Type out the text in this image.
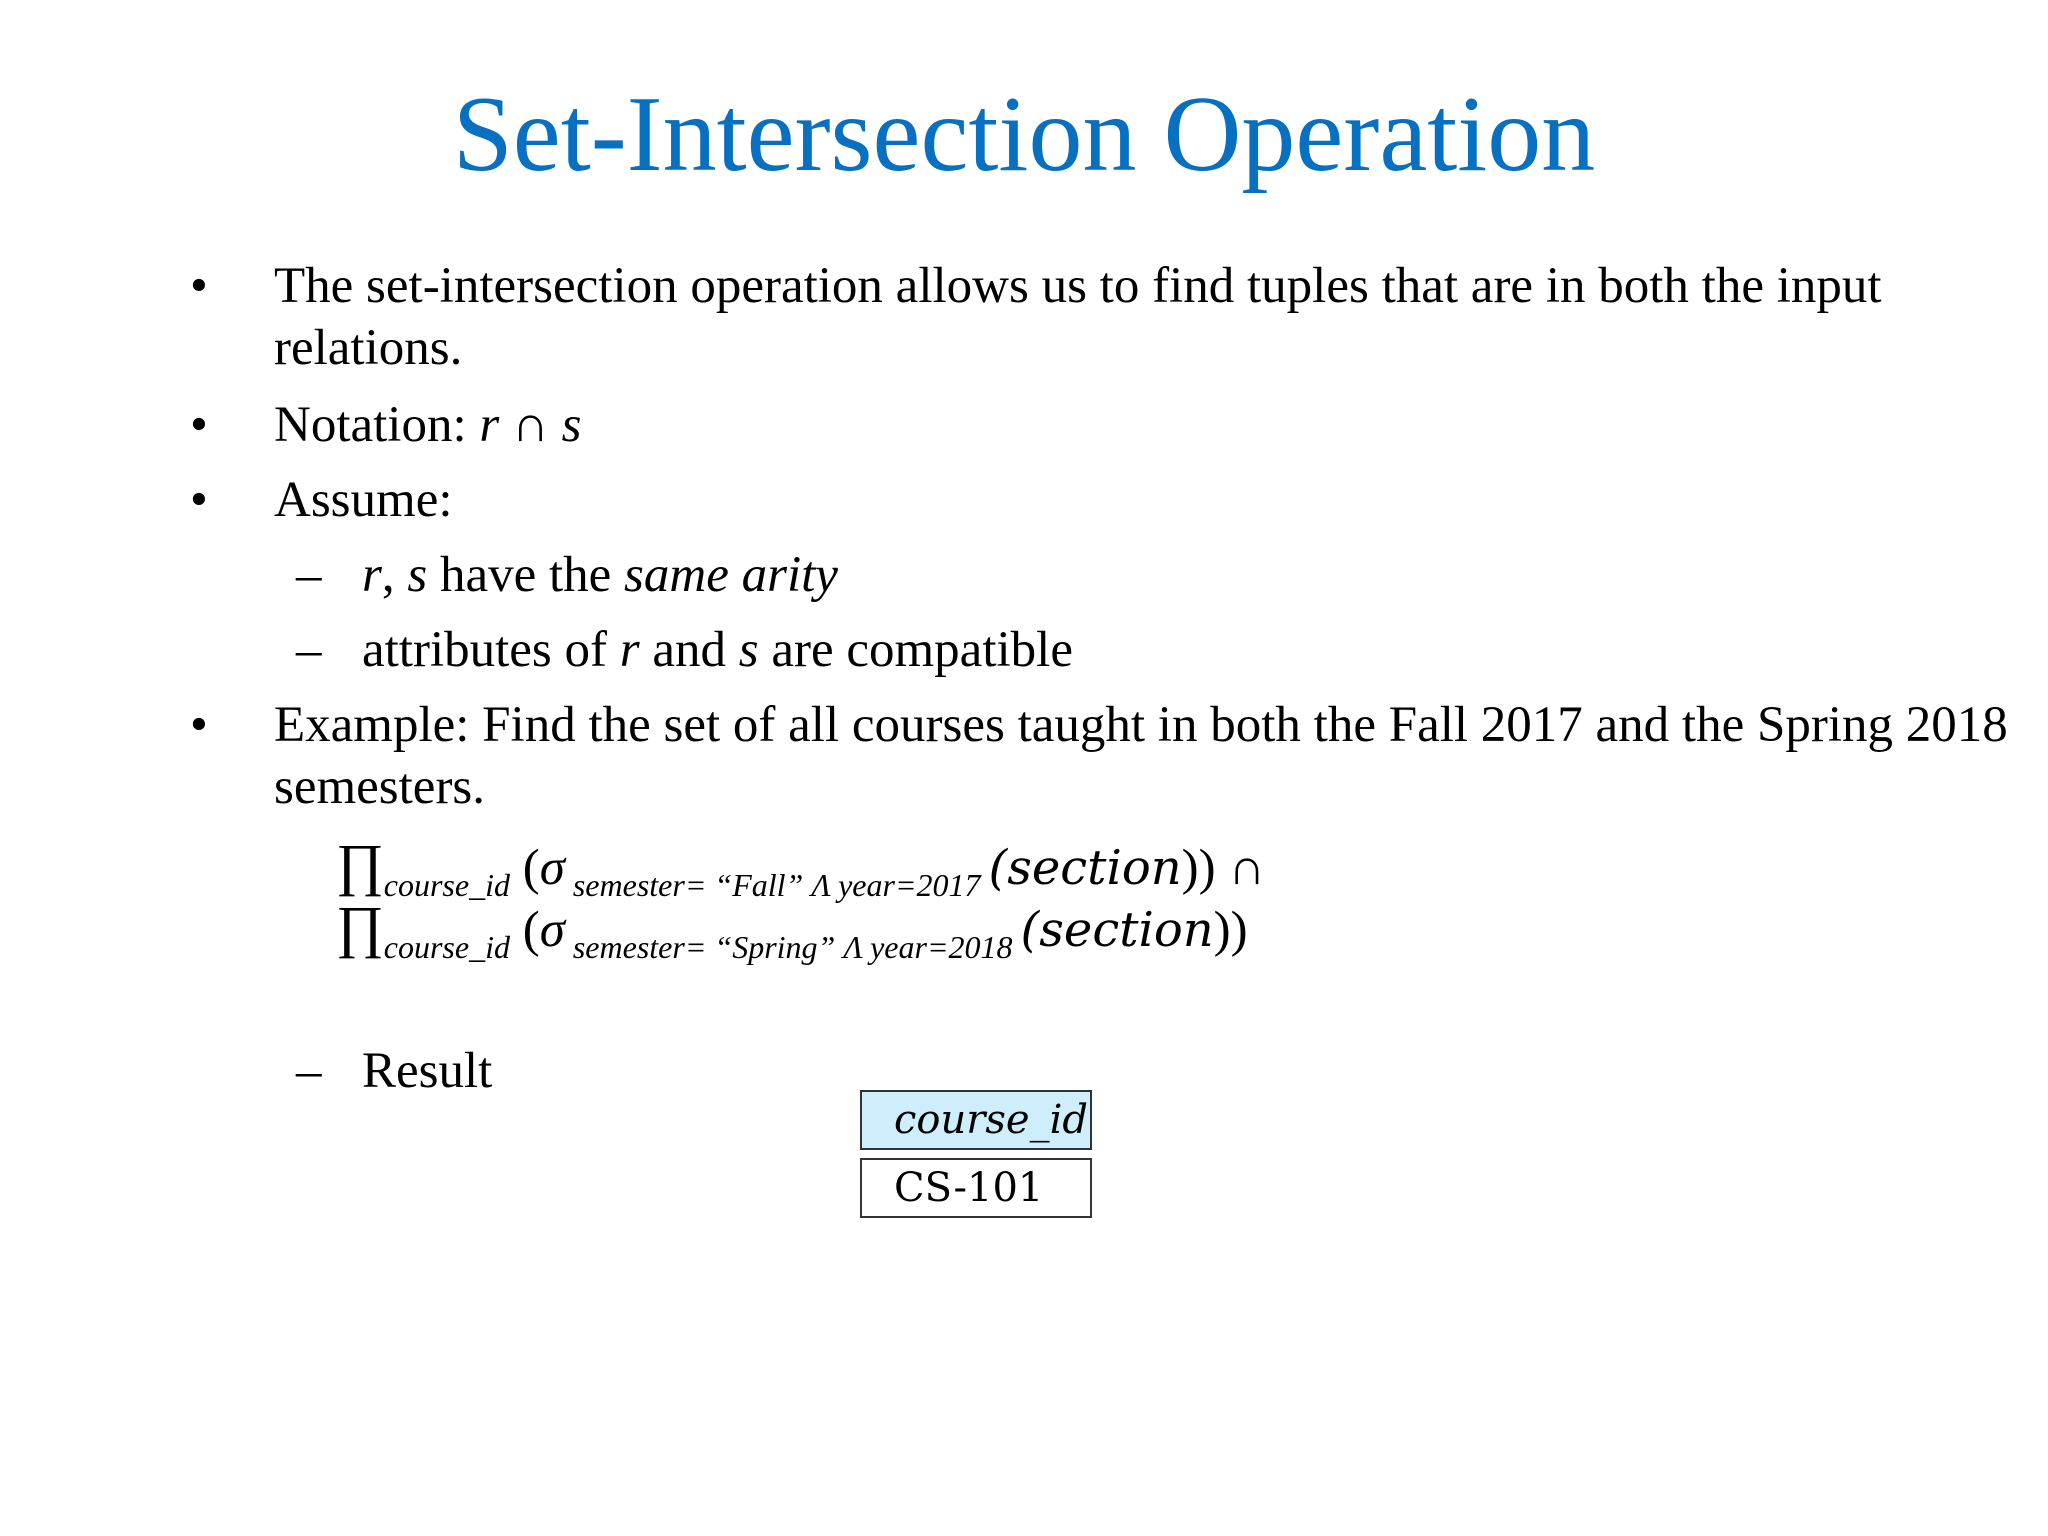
Set-Intersection Operation
•	The set-intersection operation allows us to find tuples that are in both the input relations.
•	Notation: r ∩ s
•	Assume:
– r, s have the same arity
– attributes of r and s are compatible
•	Example: Find the set of all courses taught in both the Fall 2017 and the Spring 2018 semesters.
$\prod_{course\_id}$ (σ $_{semester= “Fall” \Lambda year=2017}$ (section)) ∩
$\prod_{course\_id}$ (σ $_{semester= “Spring” \Lambda year=2018}$ (section))
– Result
course_id
CS-101
